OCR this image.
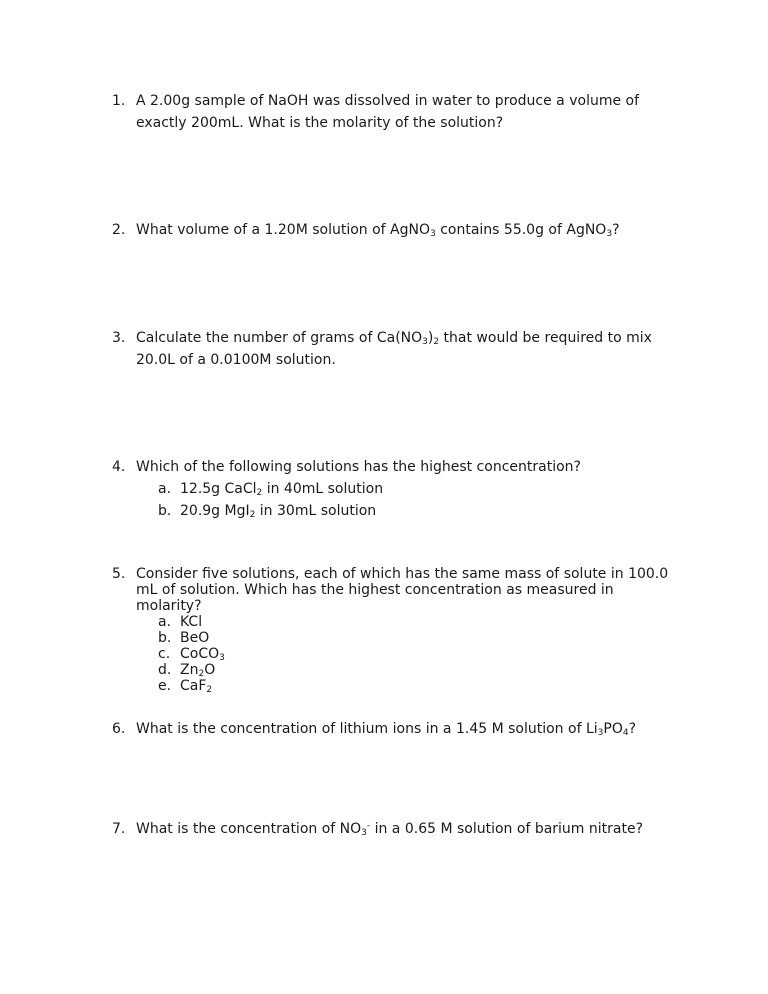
1. A 2.00g sample of NaOH was dissolved in water to produce a volume of
exactly 200mL. What is the molarity of the solution?
2. What volume of a 1.20M solution of AgNO$_3$ contains 55.0g of AgNO$_3$?
3. Calculate the number of grams of $Ca(NO_3)_2$ that would be required to mix
20.0L of a 0.0100M solution.
4. Which of the following solutions has the highest concentration?
a. 12.5g CaCl$_2$ in 40mL solution
b. 20.9g MgI$_2$ in 30mL solution
5. Consider five solutions, each of which has the same mass of solute in 100.0
mL of solution. Which has the highest concentration as measured in
molarity?
a. KCl
b. BeO
c. CoCO$_3$
d. $Zn_2O$
e. CaF$_2$
6. What is the concentration of lithium ions in a 1.45 M solution of $Li_3PO_4$?
7. What is the concentration of $NO_3^-$ in a 0.65 M solution of barium nitrate?
